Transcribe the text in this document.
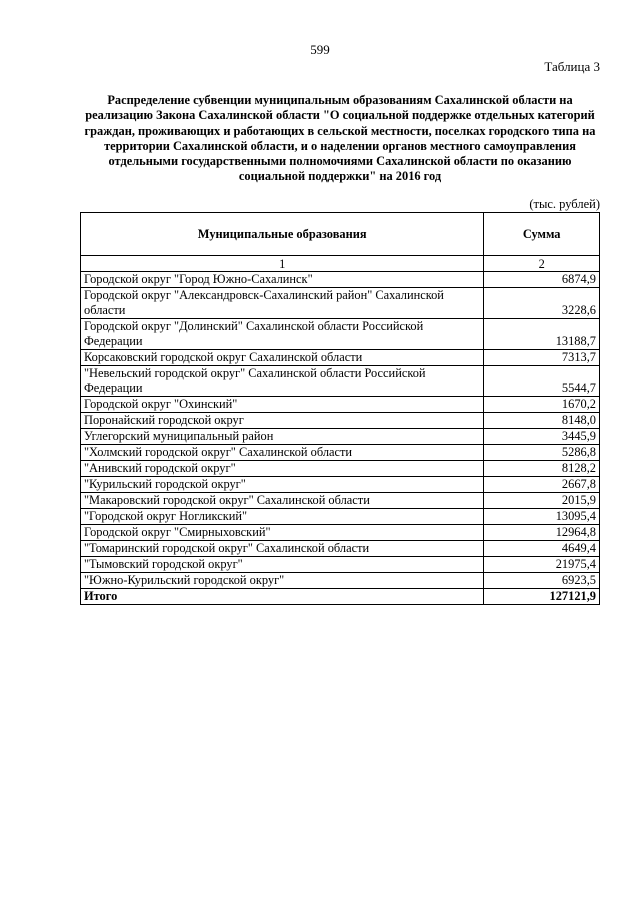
599
Таблица 3
Распределение субвенции муниципальным образованиям Сахалинской области на реализацию Закона Сахалинской области "О социальной поддержке отдельных категорий граждан, проживающих и работающих в сельской местности, поселках городского типа на территории Сахалинской области, и о наделении органов местного самоуправления отдельными государственными полномочиями Сахалинской области по оказанию социальной поддержки" на 2016 год
(тыс. рублей)
Муниципальные образования	Сумма
1	2
Городской округ "Город Южно-Сахалинск"	6874,9
Городской округ "Александровск-Сахалинский район" Сахалинской области	3228,6
Городской округ "Долинский" Сахалинской области Российской Федерации	13188,7
Корсаковский городской округ Сахалинской области	7313,7
"Невельский городской округ" Сахалинской области Российской Федерации	5544,7
Городской округ "Охинский"	1670,2
Поронайский городской округ	8148,0
Углегорский муниципальный район	3445,9
"Холмский городской округ" Сахалинской области	5286,8
"Анивский городской округ"	8128,2
"Курильский городской округ"	2667,8
"Макаровский городской округ" Сахалинской области	2015,9
"Городской округ Ногликский"	13095,4
Городской округ "Смирныховский"	12964,8
"Томаринский городской округ" Сахалинской области	4649,4
"Тымовский городской округ"	21975,4
"Южно-Курильский городской округ"	6923,5
Итого	127121,9
